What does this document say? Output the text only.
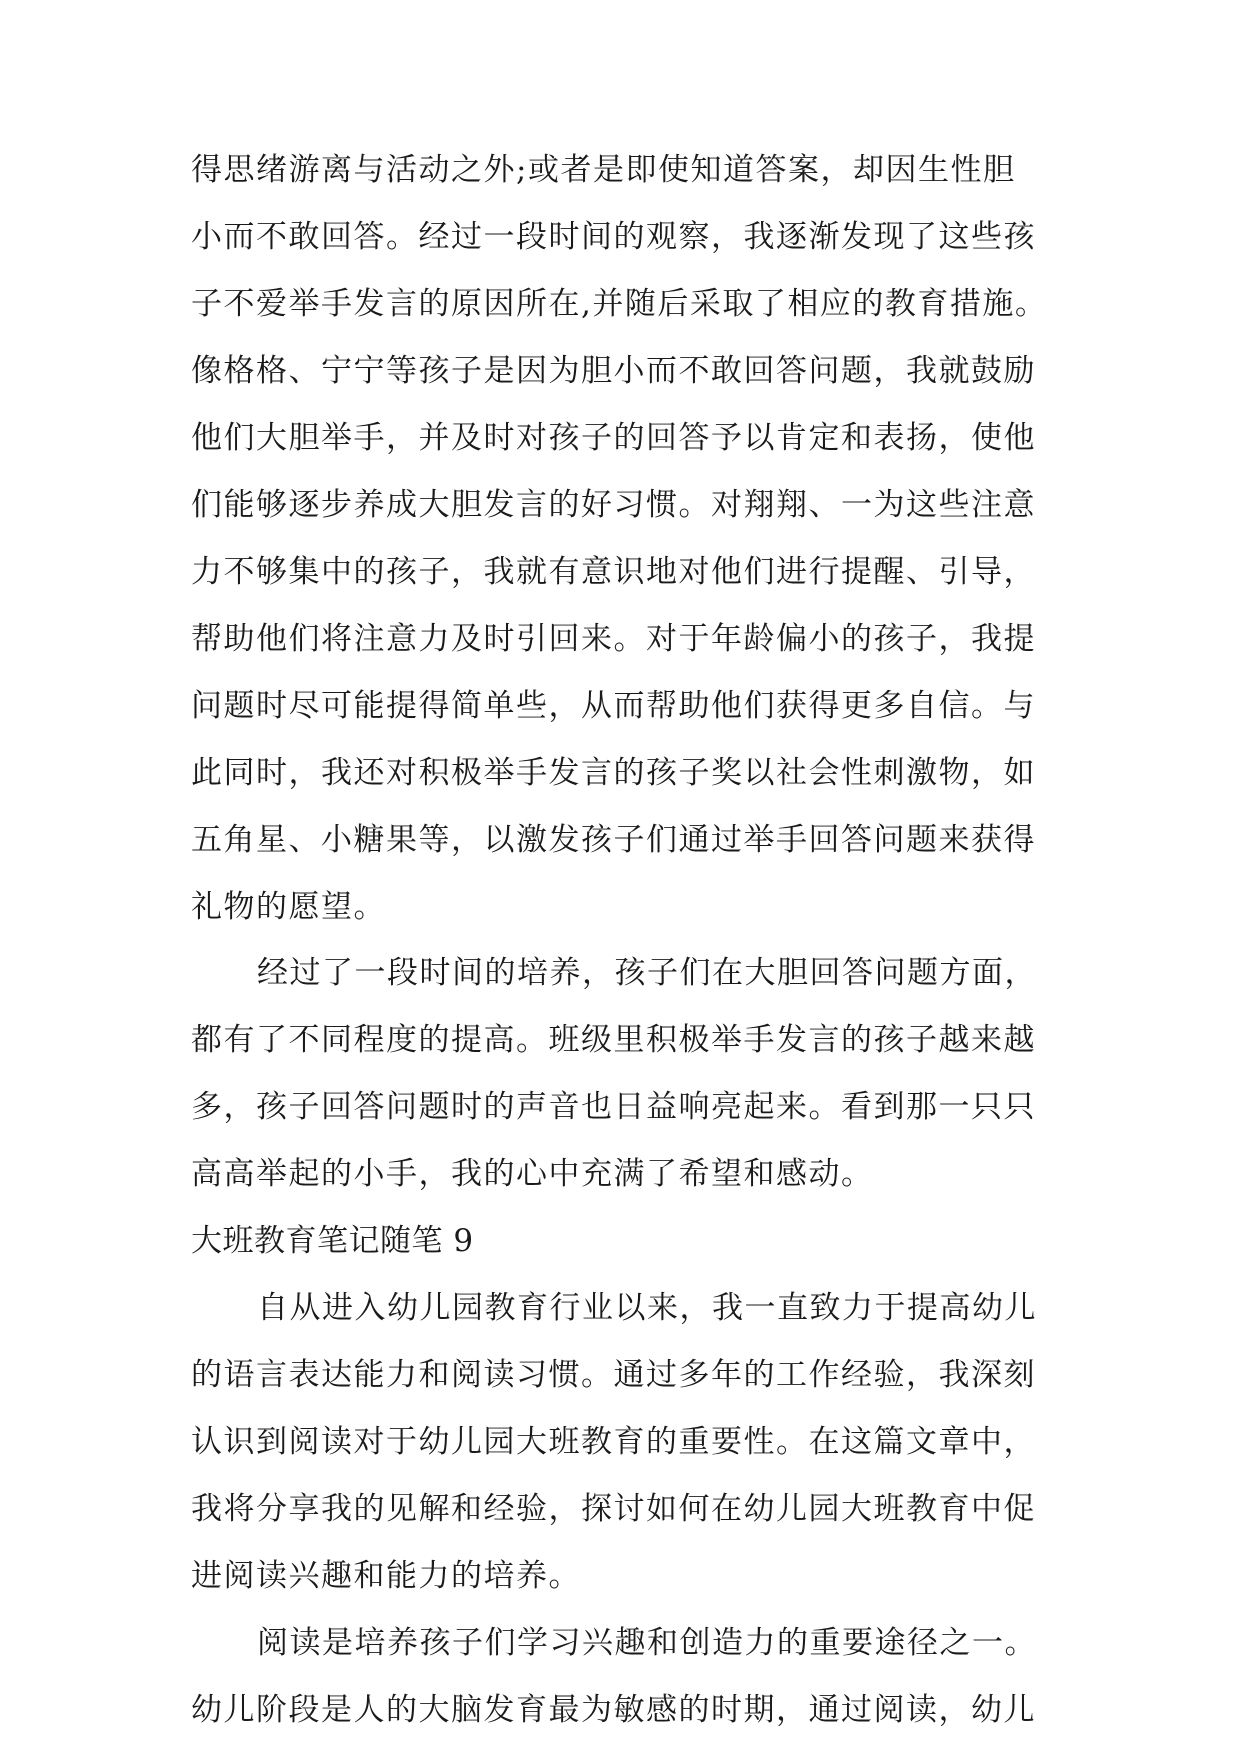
得思绪游离与活动之外;或者是即使知道答案，却因生性胆
小而不敢回答。经过一段时间的观察，我逐渐发现了这些孩
子不爱举手发言的原因所在,并随后采取了相应的教育措施。
像格格、宁宁等孩子是因为胆小而不敢回答问题，我就鼓励
他们大胆举手，并及时对孩子的回答予以肯定和表扬，使他
们能够逐步养成大胆发言的好习惯。对翔翔、一为这些注意
力不够集中的孩子，我就有意识地对他们进行提醒、引导，
帮助他们将注意力及时引回来。对于年龄偏小的孩子，我提
问题时尽可能提得简单些，从而帮助他们获得更多自信。与
此同时，我还对积极举手发言的孩子奖以社会性刺激物，如
五角星、小糖果等，以激发孩子们通过举手回答问题来获得
礼物的愿望。
经过了一段时间的培养，孩子们在大胆回答问题方面，
都有了不同程度的提高。班级里积极举手发言的孩子越来越
多，孩子回答问题时的声音也日益响亮起来。看到那一只只
高高举起的小手，我的心中充满了希望和感动。
大班教育笔记随笔 9
自从进入幼儿园教育行业以来，我一直致力于提高幼儿
的语言表达能力和阅读习惯。通过多年的工作经验，我深刻
认识到阅读对于幼儿园大班教育的重要性。在这篇文章中，
我将分享我的见解和经验，探讨如何在幼儿园大班教育中促
进阅读兴趣和能力的培养。
阅读是培养孩子们学习兴趣和创造力的重要途径之一。
幼儿阶段是人的大脑发育最为敏感的时期，通过阅读，幼儿
